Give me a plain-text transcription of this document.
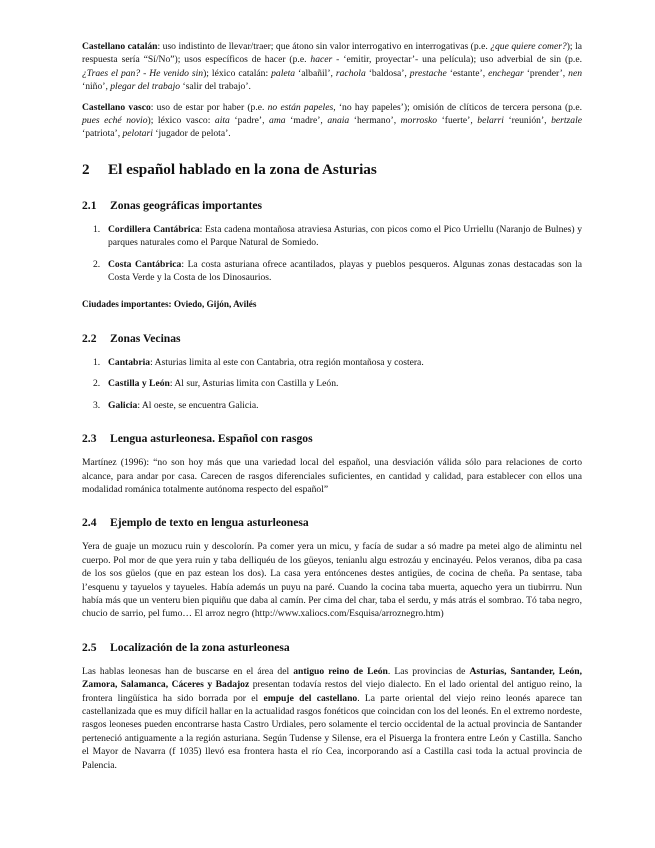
Castellano catalán: uso indistinto de llevar/traer; que átono sin valor interrogativo en interrogativas (p.e. ¿que quiere comer?); la respuesta sería “Sí/No”); usos específicos de hacer (p.e. hacer - ‘emitir, proyectar’- una película); uso adverbial de sin (p.e. ¿Traes el pan? - He venido sin); léxico catalán: paleta ‘albañil’, rachola ‘baldosa’, prestache ‘estante’, enchegar ‘prender’, nen ‘niño’, plegar del trabajo ‘salir del trabajo’.

Castellano vasco: uso de estar por haber (p.e. no están papeles, ‘no hay papeles’); omisión de clíticos de tercera persona (p.e. pues eché novio); léxico vasco: aita ‘padre’, ama ‘madre’, anaia ‘hermano’, morrosko ‘fuerte’, belarri ‘reunión’, bertzale ‘patriota’, pelotari ‘jugador de pelota’.

2 El español hablado en la zona de Asturias
2.1 Zonas geográficas importantes
1. Cordillera Cantábrica: Esta cadena montañosa atraviesa Asturias, con picos como el Pico Urriellu (Naranjo de Bulnes) y parques naturales como el Parque Natural de Somiedo.
2. Costa Cantábrica: La costa asturiana ofrece acantilados, playas y pueblos pesqueros. Algunas zonas destacadas son la Costa Verde y la Costa de los Dinosaurios.

Ciudades importantes: Oviedo, Gijón, Avilés

2.2 Zonas Vecinas
1. Cantabria: Asturias limita al este con Cantabria, otra región montañosa y costera.
2. Castilla y León: Al sur, Asturias limita con Castilla y León.
3. Galicia: Al oeste, se encuentra Galicia.
2.3 Lengua asturleonesa. Español con rasgos

Martínez (1996): “no son hoy más que una variedad local del español, una desviación válida sólo para relaciones de corto alcance, para andar por casa. Carecen de rasgos diferenciales suficientes, en cantidad y calidad, para establecer con ellos una modalidad románica totalmente autónoma respecto del español”

2.4 Ejemplo de texto en lengua asturleonesa

Yera de guaje un mozucu ruin y descolorín. Pa comer yera un micu, y facía de sudar a só madre pa metei algo de alimintu nel cuerpo. Pol mor de que yera ruin y taba delliquéu de los güeyos, tenianlu algu estrozáu y encinayéu. Pelos veranos, diba pa casa de los sos güelos (que en paz estean los dos). La casa yera entóncenes destes antigües, de cocina de cheña. Pa sentase, taba l’esquenu y tayuelos y tayueles. Había además un puyu na paré. Cuando la cocina taba muerta, aquecho yera un tiubirrru. Nun había más que un venteru bien piquiñu que daba al camín. Per cima del char, taba el serdu, y más atrás el sombrao. Tó taba negro, chucio de sarrio, pel fumo… El arroz negro (http://www.xaliocs.com/Esquisa/arroznegro.htm)

2.5 Localización de la zona asturleonesa

Las hablas leonesas han de buscarse en el área del antiguo reino de León. Las provincias de Asturias, Santander, León, Zamora, Salamanca, Cáceres y Badajoz presentan todavía restos del viejo dialecto. En el lado oriental del antiguo reino, la frontera lingüística ha sido borrada por el empuje del castellano. La parte oriental del viejo reino leonés aparece tan castellanizada que es muy difícil hallar en la actualidad rasgos fonéticos que coincidan con los del leonés. En el extremo nordeste, rasgos leoneses pueden encontrarse hasta Castro Urdiales, pero solamente el tercio occidental de la actual provincia de Santander perteneció antiguamente a la región asturiana. Según Tudense y Silense, era el Pisuerga la frontera entre León y Castilla. Sancho el Mayor de Navarra (f 1035) llevó esa frontera hasta el río Cea, incorporando así a Castilla casi toda la actual provincia de Palencia.
